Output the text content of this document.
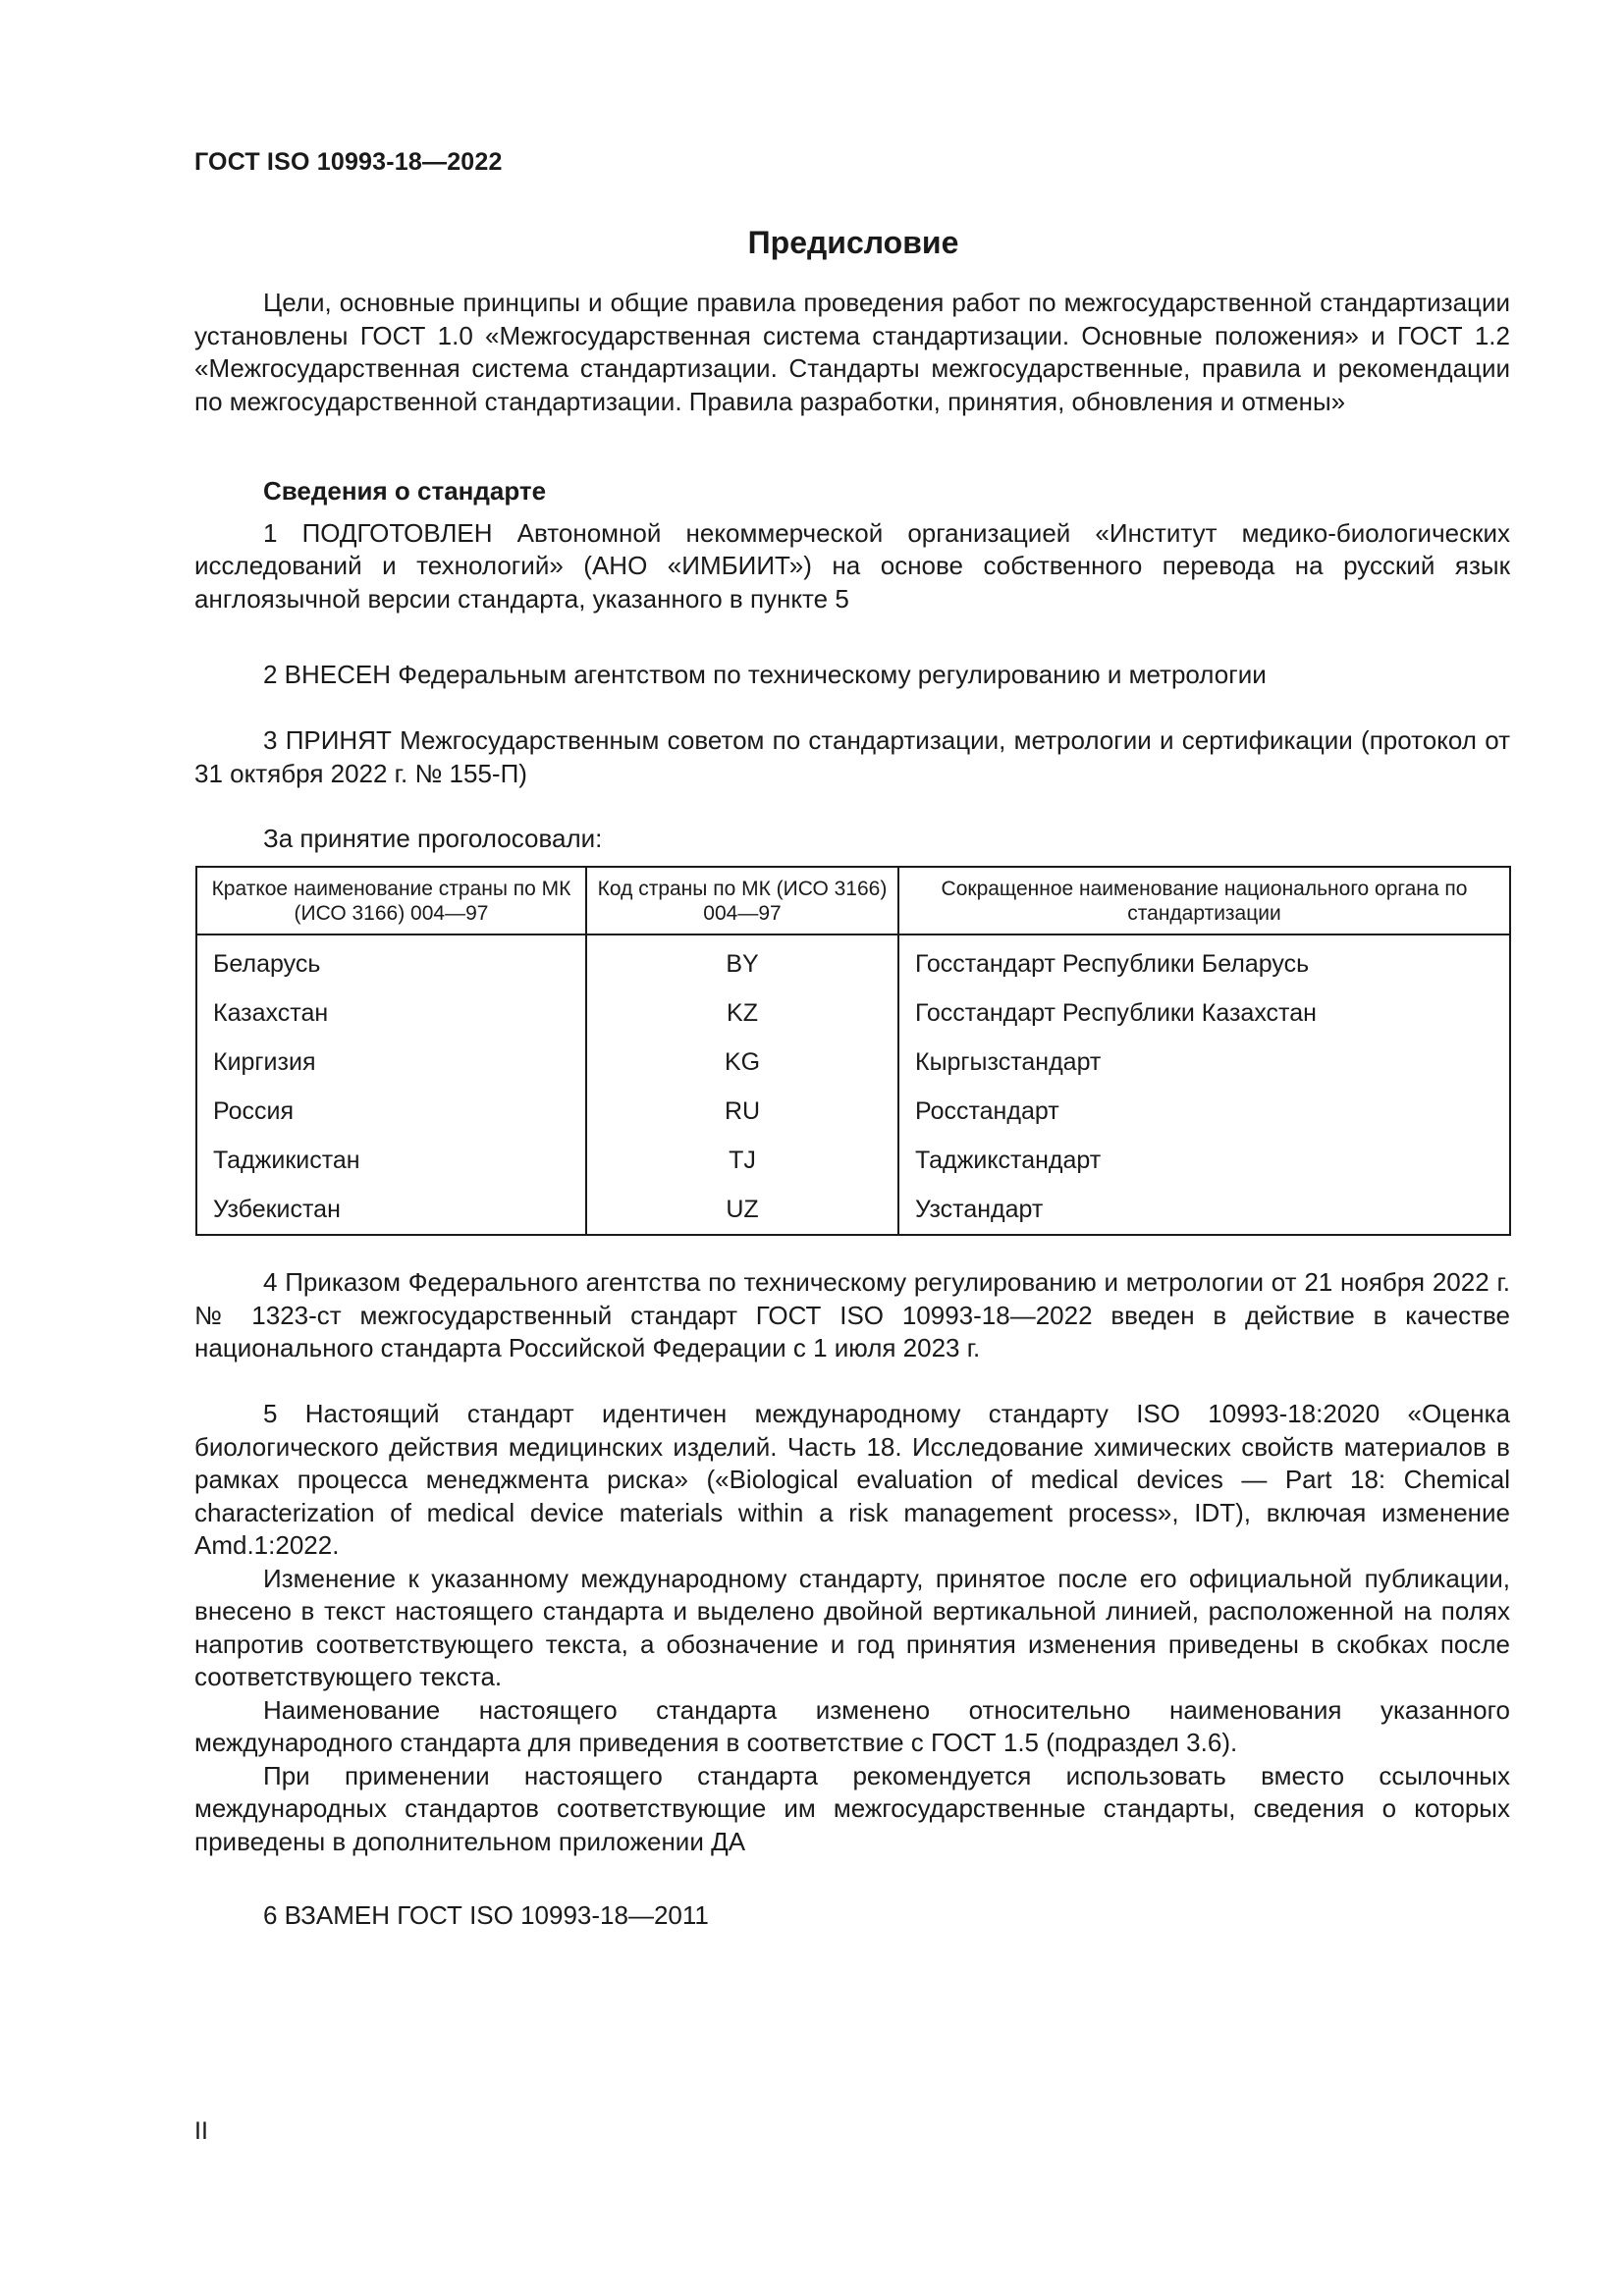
ГОСТ ISO 10993-18—2022
Предисловие

Цели, основные принципы и общие правила проведения работ по межгосударственной стандартизации установлены ГОСТ 1.0 «Межгосударственная система стандартизации. Основные положения» и ГОСТ 1.2 «Межгосударственная система стандартизации. Стандарты межгосударственные, правила и рекомендации по межгосударственной стандартизации. Правила разработки, принятия, обновления и отмены»

Сведения о стандарте

1 ПОДГОТОВЛЕН Автономной некоммерческой организацией «Институт медико-биологических исследований и технологий» (АНО «ИМБИИТ») на основе собственного перевода на русский язык англоязычной версии стандарта, указанного в пункте 5

2 ВНЕСЕН Федеральным агентством по техническому регулированию и метрологии

3 ПРИНЯТ Межгосударственным советом по стандартизации, метрологии и сертификации (протокол от 31 октября 2022 г. № 155-П)

За принятие проголосовали:

Краткое наименование страны по МК (ИСО 3166) 004—97	Код страны по МК (ИСО 3166) 004—97	Сокращенное наименование национального органа по стандартизации
Беларусь	BY	Госстандарт Республики Беларусь
Казахстан	KZ	Госстандарт Республики Казахстан
Киргизия	KG	Кыргызстандарт
Россия	RU	Росстандарт
Таджикистан	TJ	Таджикстандарт
Узбекистан	UZ	Узстандарт

4 Приказом Федерального агентства по техническому регулированию и метрологии от 21 ноября 2022 г. № 1323-ст межгосударственный стандарт ГОСТ ISO 10993-18—2022 введен в действие в качестве национального стандарта Российской Федерации с 1 июля 2023 г.

5 Настоящий стандарт идентичен международному стандарту ISO 10993-18:2020 «Оценка биологического действия медицинских изделий. Часть 18. Исследование химических свойств материалов в рамках процесса менеджмента риска» («Biological evaluation of medical devices — Part 18: Chemical characterization of medical device materials within a risk management process», IDT), включая изменение Amd.1:2022.

Изменение к указанному международному стандарту, принятое после его официальной публикации, внесено в текст настоящего стандарта и выделено двойной вертикальной линией, расположенной на полях напротив соответствующего текста, а обозначение и год принятия изменения приведены в скобках после соответствующего текста.

Наименование настоящего стандарта изменено относительно наименования указанного международного стандарта для приведения в соответствие с ГОСТ 1.5 (подраздел 3.6).

При применении настоящего стандарта рекомендуется использовать вместо ссылочных международных стандартов соответствующие им межгосударственные стандарты, сведения о которых приведены в дополнительном приложении ДА

6 ВЗАМЕН ГОСТ ISO 10993-18—2011

II
